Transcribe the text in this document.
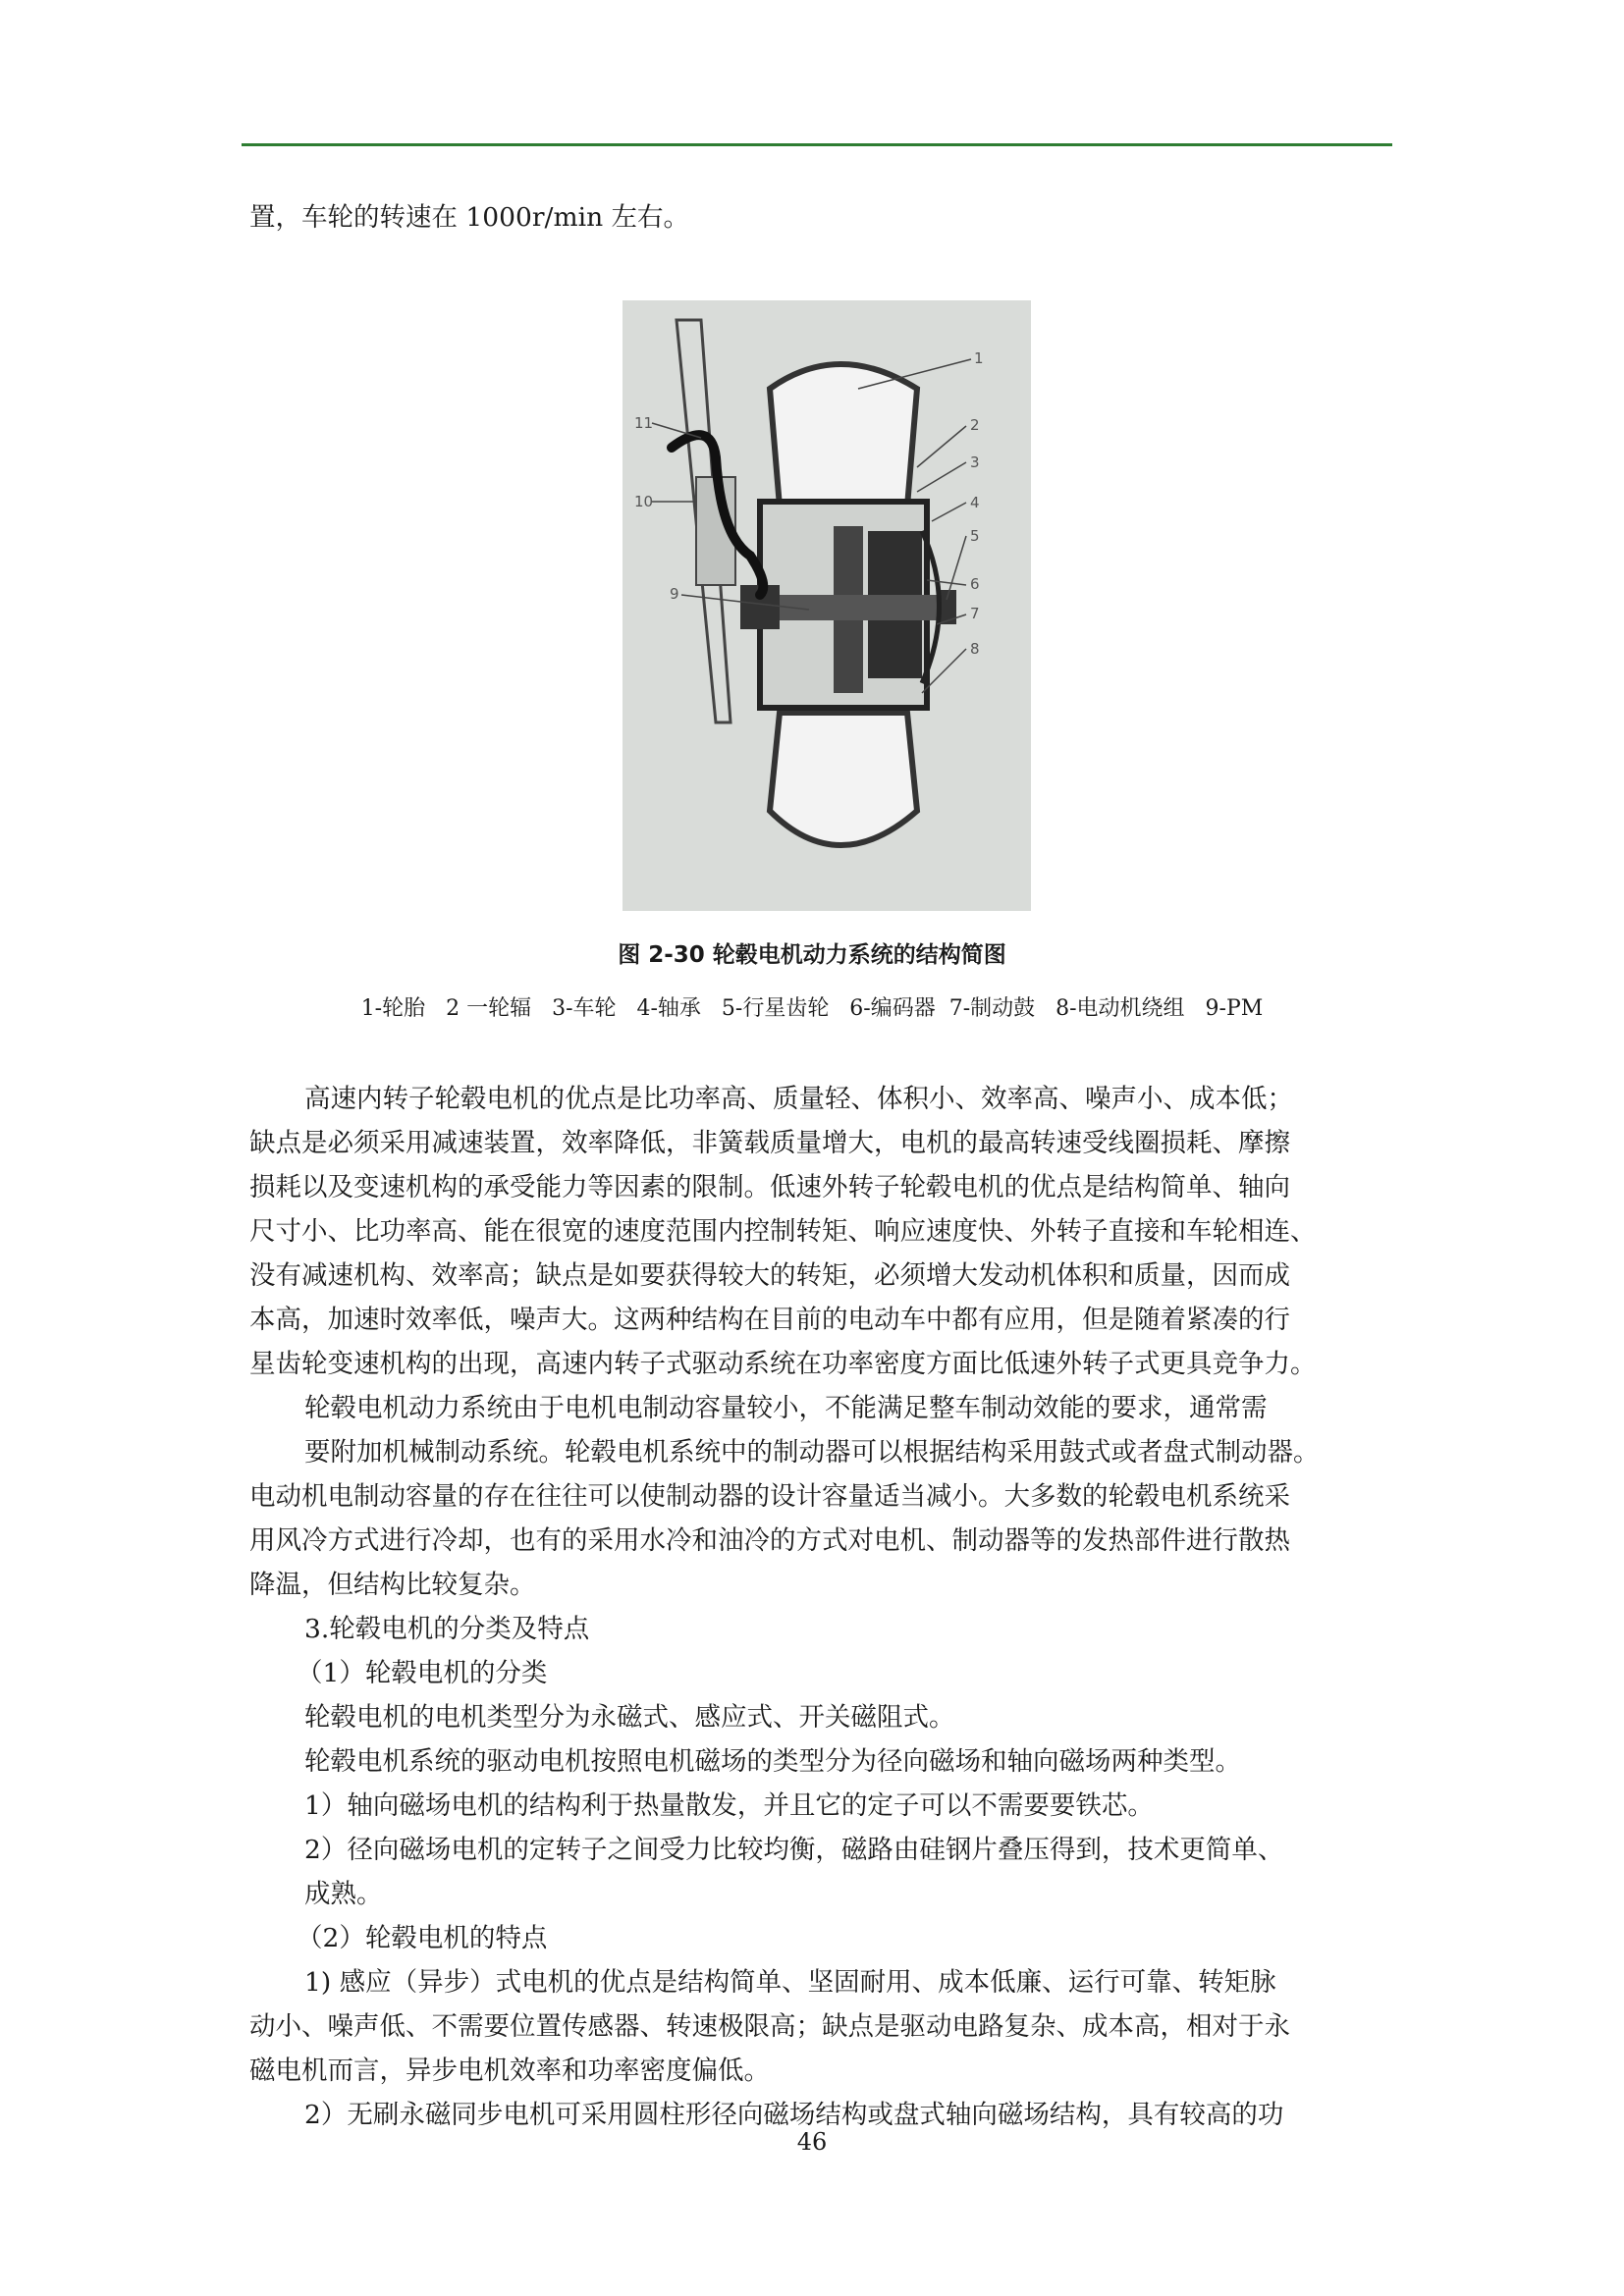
置，车轮的转速在 1000r/min 左右。
1
2
3
4
5
6
7
8
9
10
11
图 2-30 轮毂电机动力系统的结构简图
1-轮胎   2 一轮辐   3-车轮   4-轴承   5-行星齿轮   6-编码器  7-制动鼓   8-电动机绕组   9-PM
高速内转子轮毂电机的优点是比功率高、质量轻、体积小、效率高、噪声小、成本低；
缺点是必须采用减速装置，效率降低，非簧载质量增大，电机的最高转速受线圈损耗、摩擦
损耗以及变速机构的承受能力等因素的限制。低速外转子轮毂电机的优点是结构简单、轴向
尺寸小、比功率高、能在很宽的速度范围内控制转矩、响应速度快、外转子直接和车轮相连、
没有减速机构、效率高；缺点是如要获得较大的转矩，必须增大发动机体积和质量，因而成
本高，加速时效率低，噪声大。这两种结构在目前的电动车中都有应用，但是随着紧凑的行
星齿轮变速机构的出现，高速内转子式驱动系统在功率密度方面比低速外转子式更具竞争力。
轮毂电机动力系统由于电机电制动容量较小，不能满足整车制动效能的要求，通常需
要附加机械制动系统。轮毂电机系统中的制动器可以根据结构采用鼓式或者盘式制动器。
电动机电制动容量的存在往往可以使制动器的设计容量适当减小。大多数的轮毂电机系统采
用风冷方式进行冷却，也有的采用水冷和油冷的方式对电机、制动器等的发热部件进行散热
降温，但结构比较复杂。
3.轮毂电机的分类及特点
（1）轮毂电机的分类
轮毂电机的电机类型分为永磁式、感应式、开关磁阻式。
轮毂电机系统的驱动电机按照电机磁场的类型分为径向磁场和轴向磁场两种类型。
1）轴向磁场电机的结构利于热量散发，并且它的定子可以不需要要铁芯。
2）径向磁场电机的定转子之间受力比较均衡，磁路由硅钢片叠压得到，技术更简单、
成熟。
（2）轮毂电机的特点
1) 感应（异步）式电机的优点是结构简单、坚固耐用、成本低廉、运行可靠、转矩脉
动小、噪声低、不需要位置传感器、转速极限高；缺点是驱动电路复杂、成本高，相对于永
磁电机而言，异步电机效率和功率密度偏低。
2）无刷永磁同步电机可采用圆柱形径向磁场结构或盘式轴向磁场结构，具有较高的功
46
